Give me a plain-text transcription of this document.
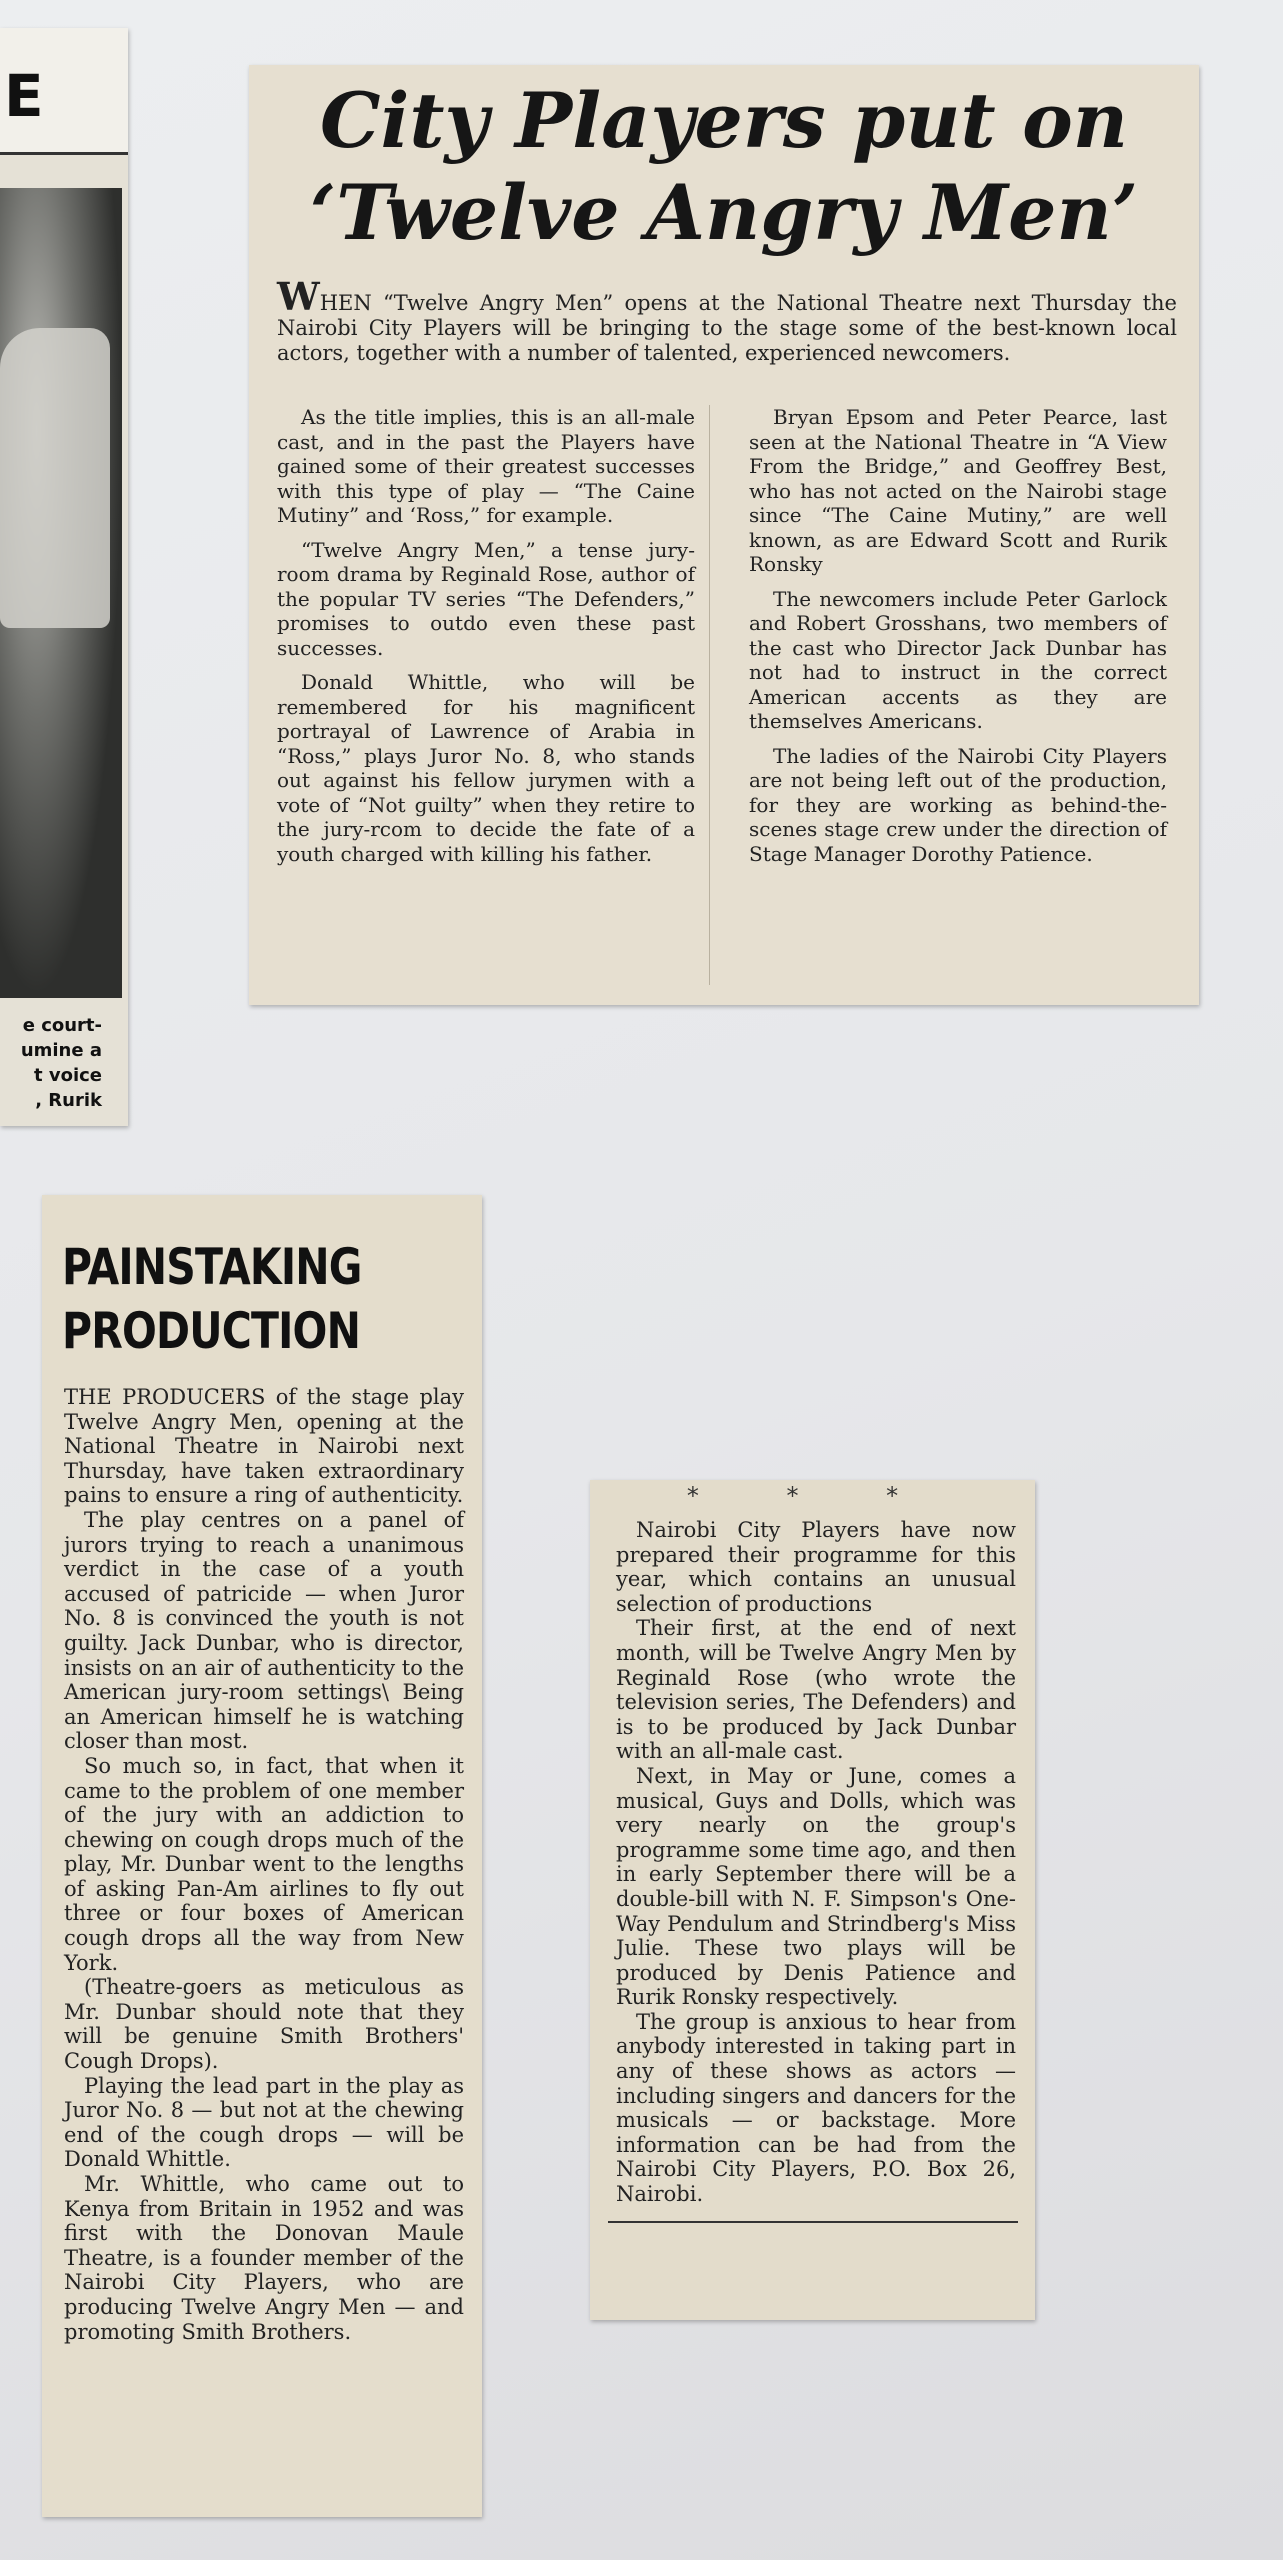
E
e court-
umine a
t voice
, Rurik
City Players put on
‘Twelve Angry Men’

WHEN “Twelve Angry Men” opens at the National Theatre next Thursday the Nairobi City Players will be bringing to the stage some of the best-known local actors, together with a number of talented, experienced newcomers.

As the title implies, this is an all-male cast, and in the past the Players have gained some of their greatest successes with this type of play — “The Caine Mutiny” and ‘Ross,” for example.

“Twelve Angry Men,” a tense jury-room drama by Reginald Rose, author of the popular TV series “The Defenders,” promises to outdo even these past successes.

Donald Whittle, who will be remembered for his magnificent portrayal of Lawrence of Arabia in “Ross,” plays Juror No. 8, who stands out against his fellow jurymen with a vote of “Not guilty” when they retire to the jury-rcom to decide the fate of a youth charged with killing his father.

Bryan Epsom and Peter Pearce, last seen at the National Theatre in “A View From the Bridge,” and Geoffrey Best, who has not acted on the Nairobi stage since “The Caine Mutiny,” are well known, as are Edward Scott and Rurik Ronsky

The newcomers include Peter Garlock and Robert Grosshans, two members of the cast who Director Jack Dunbar has not had to instruct in the correct American accents as they are themselves Americans.

The ladies of the Nairobi City Players are not being left out of the production, for they are working as behind-the-scenes stage crew under the direction of Stage Manager Dorothy Patience.

PAINSTAKING
PRODUCTION

THE PRODUCERS of the stage play Twelve Angry Men, opening at the National Theatre in Nairobi next Thursday, have taken extraordinary pains to ensure a ring of authenticity.

The play centres on a panel of jurors trying to reach a unanimous verdict in the case of a youth accused of patricide — when Juror No. 8 is convinced the youth is not guilty. Jack Dunbar, who is director, insists on an air of authenticity to the American jury-room settings\ Being an American himself he is watching closer than most.

So much so, in fact, that when it came to the problem of one member of the jury with an addiction to chewing on cough drops much of the play, Mr. Dunbar went to the lengths of asking Pan-Am airlines to fly out three or four boxes of American cough drops all the way from New York.

(Theatre-goers as meticulous as Mr. Dunbar should note that they will be genuine Smith Brothers' Cough Drops).

Playing the lead part in the play as Juror No. 8 — but not at the chewing end of the cough drops — will be Donald Whittle.

Mr. Whittle, who came out to Kenya from Britain in 1952 and was first with the Donovan Maule Theatre, is a founder member of the Nairobi City Players, who are producing Twelve Angry Men — and promoting Smith Brothers.

* * *

Nairobi City Players have now prepared their programme for this year, which contains an unusual selection of productions

Their first, at the end of next month, will be Twelve Angry Men by Reginald Rose (who wrote the television series, The Defenders) and is to be produced by Jack Dunbar with an all-male cast.

Next, in May or June, comes a musical, Guys and Dolls, which was very nearly on the group's programme some time ago, and then in early September there will be a double-bill with N. F. Simpson's One-Way Pendulum and Strindberg's Miss Julie. These two plays will be produced by Denis Patience and Rurik Ronsky respectively.

The group is anxious to hear from anybody interested in taking part in any of these shows as actors — including singers and dancers for the musicals — or backstage. More information can be had from the Nairobi City Players, P.O. Box 26, Nairobi.
